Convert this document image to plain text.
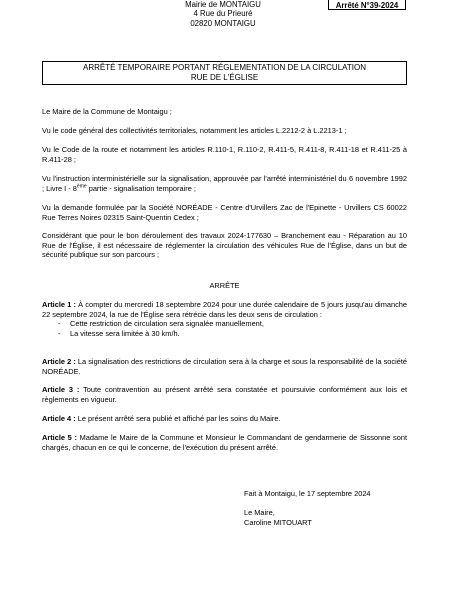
Mairie de MONTAIGU
4 Rue du Prieuré
02820 MONTAIGU
Arrêté N°39-2024
ARRÊTÉ TEMPORAIRE PORTANT RÉGLEMENTATION DE LA CIRCULATION
RUE DE L'ÉGLISE

Le Maire de la Commune de Montaigu ;

Vu le code général des collectivités territoriales, notamment les articles L.2212-2 à L.2213-1 ;

Vu le Code de la route et notamment les articles R.110-1, R.110-2, R.411-5, R.411-8, R.411-18 et R.411-25 à R.411-28 ;

Vu l'instruction interministérielle sur la signalisation, approuvée par l'arrêté interministériel du 6 novembre 1992 ; Livre I - 8ème partie - signalisation temporaire ;

Vu la demande formulée par la Société NORÉADE - Centre d'Urvillers Zac de l'Epinette - Urvillers CS 60022 Rue Terres Noires 02315 Saint-Quentin Cedex ;

Considérant que pour le bon déroulement des travaux 2024-177630 – Branchement eau - Réparation au 10 Rue de l'Église, il est nécessaire de réglementer la circulation des véhicules Rue de l'Église, dans un but de sécurité publique sur son parcours ;

ARRÊTE

Article 1 : À compter du mercredi 18 septembre 2024 pour une durée calendaire de 5 jours jusqu'au dimanche 22 septembre 2024, la rue de l'Église sera rétrécie dans les deux sens de circulation :
- Cette restriction de circulation sera signalée manuellement,
- La vitesse sera limitée à 30 km/h.

Article 2 : La signalisation des restrictions de circulation sera à la charge et sous la responsabilité de la société NORÉADE.

Article 3 : Toute contravention au présent arrêté sera constatée et poursuivie conformément aux lois et règlements en vigueur.

Article 4 : Le présent arrêté sera publié et affiché par les soins du Maire.

Article 5 : Madame le Maire de la Commune et Monsieur le Commandant de gendarmerie de Sissonne sont chargés, chacun en ce qui le concerne, de l'exécution du présent arrêté.

Fait à Montaigu, le 17 septembre 2024

Le Maire,

Caroline MITOUART
